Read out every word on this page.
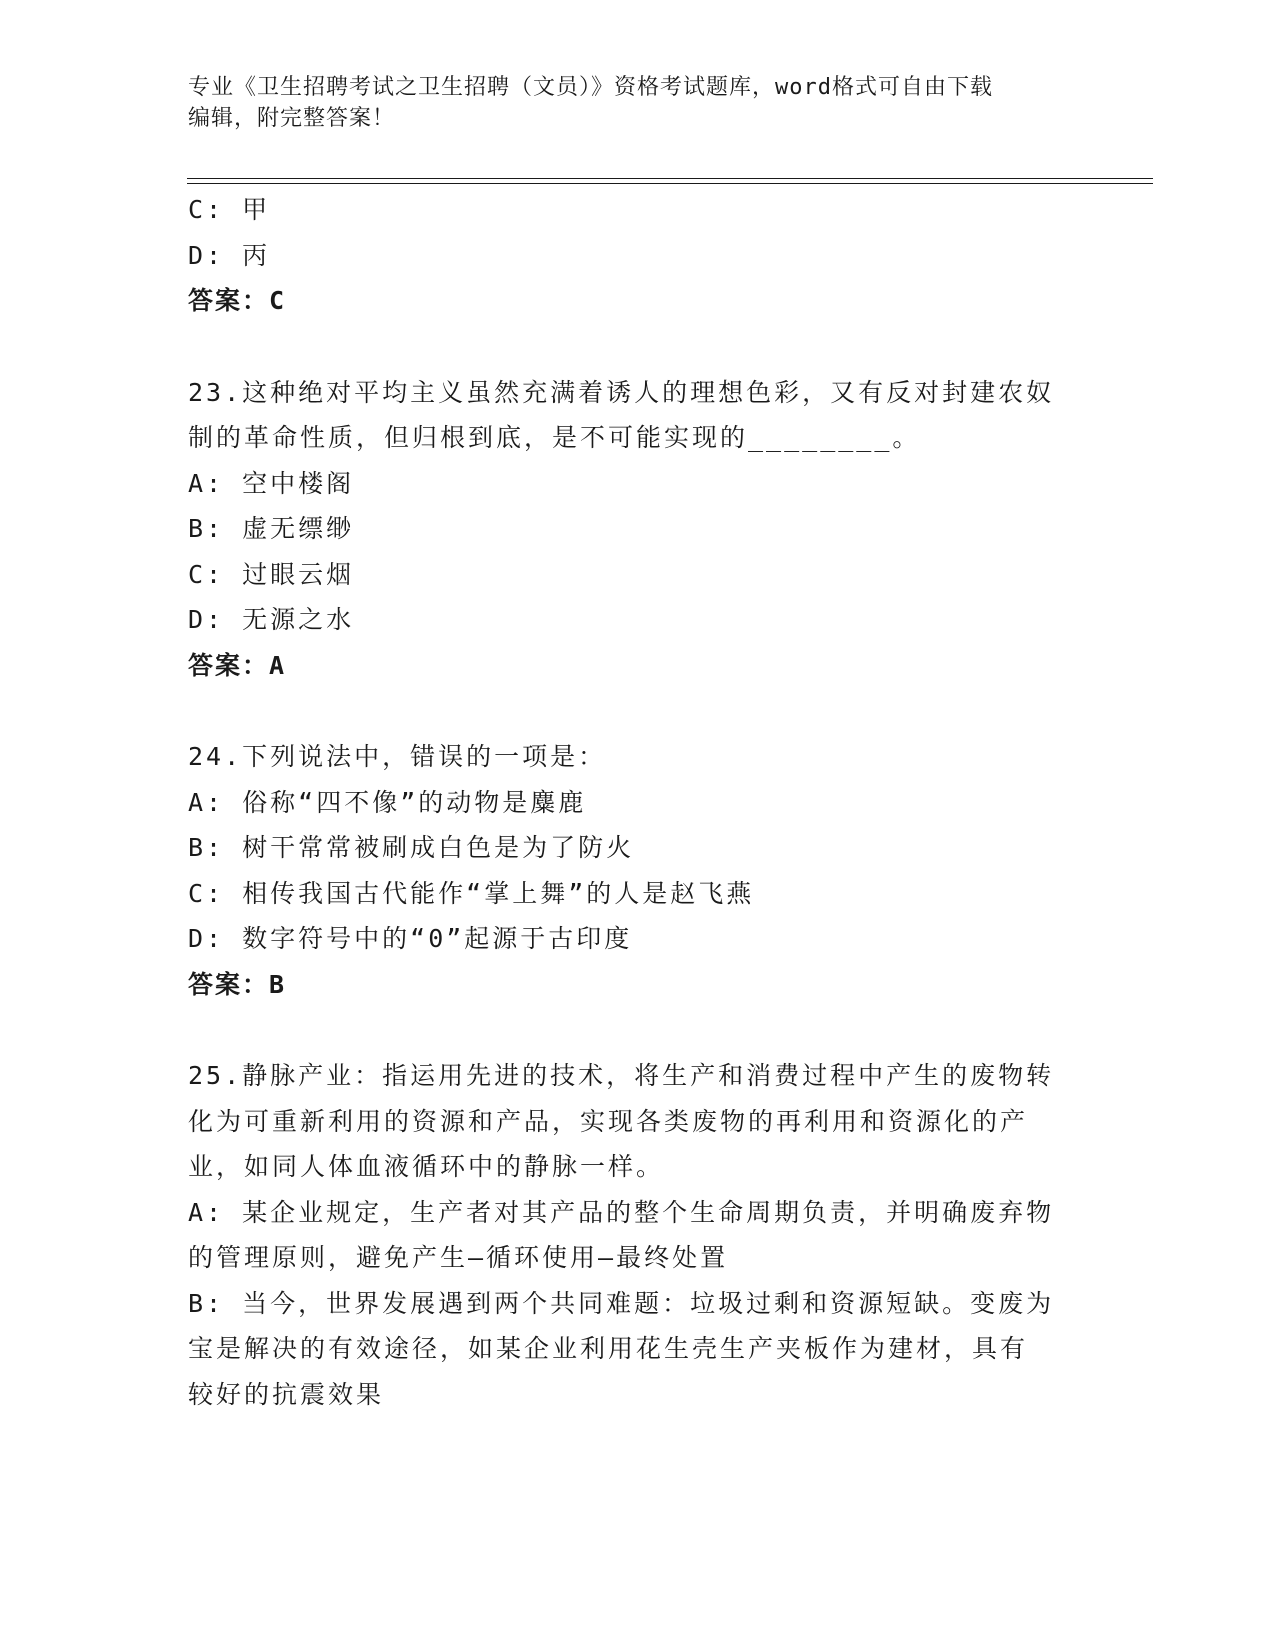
专业《卫生招聘考试之卫生招聘（文员）》资格考试题库，word格式可自由下载
编辑，附完整答案！

C: 甲

D: 丙

答案：C

23.这种绝对平均主义虽然充满着诱人的理想色彩，又有反对封建农奴

制的革命性质，但归根到底，是不可能实现的________。

A: 空中楼阁

B: 虚无缥缈

C: 过眼云烟

D: 无源之水

答案：A

24.下列说法中，错误的一项是：

A: 俗称“四不像”的动物是麋鹿

B: 树干常常被刷成白色是为了防火

C: 相传我国古代能作“掌上舞”的人是赵飞燕

D: 数字符号中的“0”起源于古印度

答案：B

25.静脉产业：指运用先进的技术，将生产和消费过程中产生的废物转

化为可重新利用的资源和产品，实现各类废物的再利用和资源化的产

业，如同人体血液循环中的静脉一样。

A: 某企业规定，生产者对其产品的整个生命周期负责，并明确废弃物

的管理原则，避免产生—循环使用—最终处置

B: 当今，世界发展遇到两个共同难题：垃圾过剩和资源短缺。变废为

宝是解决的有效途径，如某企业利用花生壳生产夹板作为建材，具有

较好的抗震效果
